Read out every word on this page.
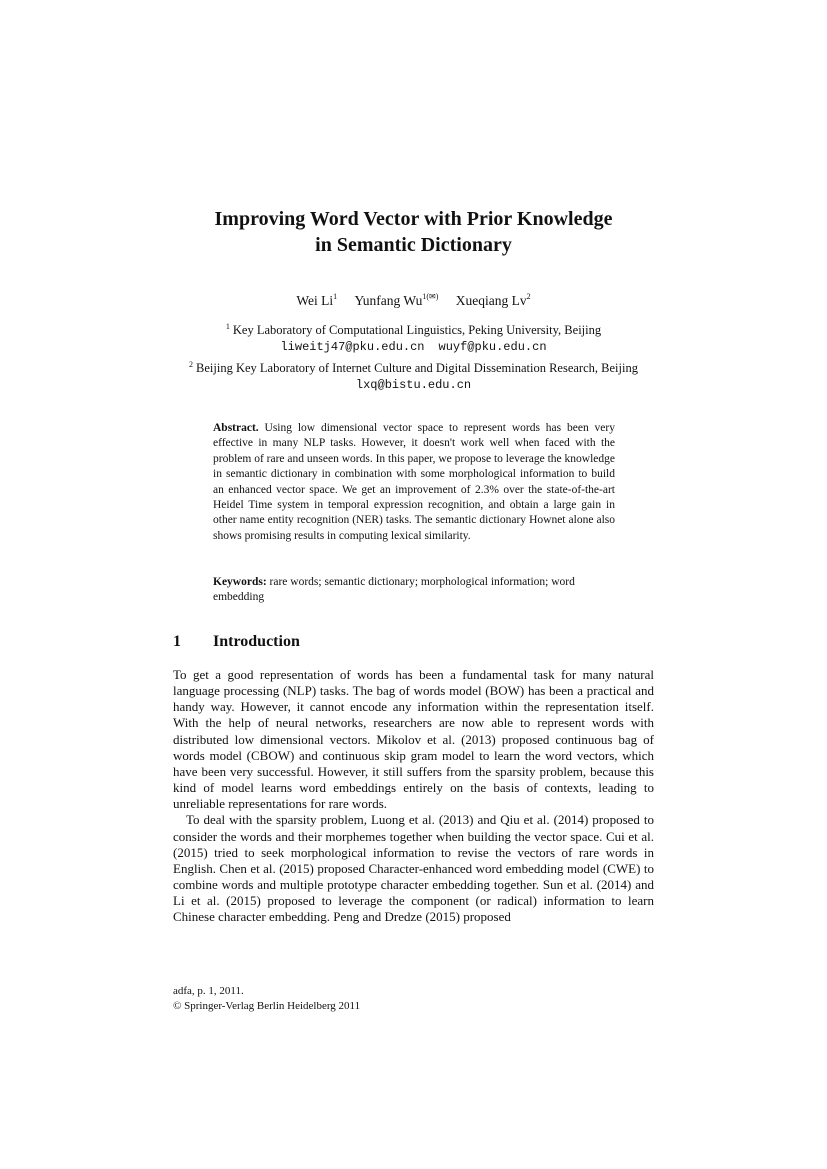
Improving Word Vector with Prior Knowledge
in Semantic Dictionary
Wei Li$^1$ Yunfang $Wu^{1(✉)}$ Xueqiang Lv$^2$
$^1$ Key Laboratory of Computational Linguistics, Peking University, Beijing
liweitj47@pku.edu.cn wuyf@pku.edu.cn
$^2$ Beijing Key Laboratory of Internet Culture and Digital Dissemination Research, Beijing
lxq@bistu.edu.cn
Abstract. Using low dimensional vector space to represent words has been very effective in many NLP tasks. However, it doesn't work well when faced with the problem of rare and unseen words. In this paper, we propose to leverage the knowledge in semantic dictionary in combination with some morphological information to build an enhanced vector space. We get an improvement of 2.3% over the state-of-the-art Heidel Time system in temporal expression recognition, and obtain a large gain in other name entity recognition (NER) tasks. The semantic dictionary Hownet alone also shows promising results in computing lexical similarity.
Keywords: rare words; semantic dictionary; morphological information; word embedding
1 Introduction

To get a good representation of words has been a fundamental task for many natural language processing (NLP) tasks. The bag of words model (BOW) has been a practical and handy way. However, it cannot encode any information within the representation itself. With the help of neural networks, researchers are now able to represent words with distributed low dimensional vectors. Mikolov et al. (2013) proposed continuous bag of words model (CBOW) and continuous skip gram model to learn the word vectors, which have been very successful. However, it still suffers from the sparsity problem, because this kind of model learns word embeddings entirely on the basis of contexts, leading to unreliable representations for rare words.

To deal with the sparsity problem, Luong et al. (2013) and Qiu et al. (2014) proposed to consider the words and their morphemes together when building the vector space. Cui et al. (2015) tried to seek morphological information to revise the vectors of rare words in English. Chen et al. (2015) proposed Character-enhanced word embedding model (CWE) to combine words and multiple prototype character embedding together. Sun et al. (2014) and Li et al. (2015) proposed to leverage the component (or radical) information to learn Chinese character embedding. Peng and Dredze (2015) proposed

adfa, p. 1, 2011.
© Springer-Verlag Berlin Heidelberg 2011
